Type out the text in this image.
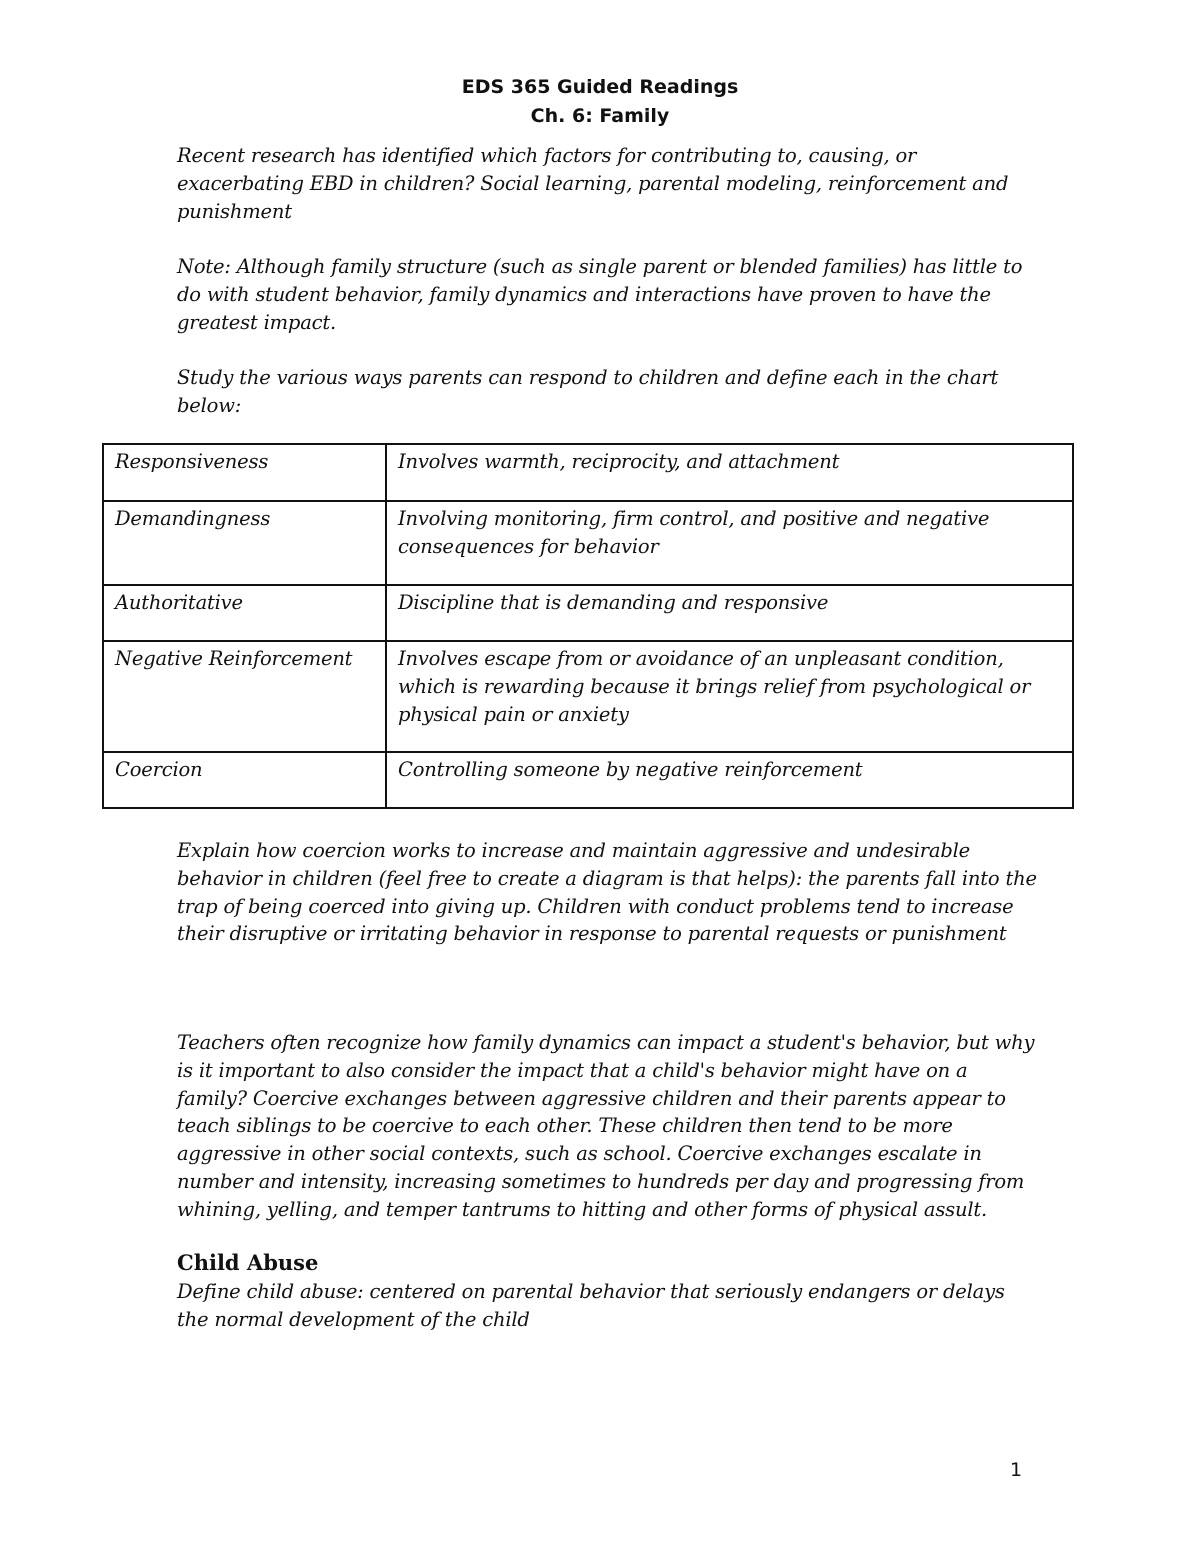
EDS 365 Guided Readings
Ch. 6: Family

Recent research has identified which factors for contributing to, causing, or exacerbating EBD in children? Social learning, parental modeling, reinforcement and punishment

Note: Although family structure (such as single parent or blended families) has little to do with student behavior, family dynamics and interactions have proven to have the greatest impact.

Study the various ways parents can respond to children and define each in the chart below:

Responsiveness	Involves warmth, reciprocity, and attachment
Demandingness	Involving monitoring, firm control, and positive and negative consequences for behavior
Authoritative	Discipline that is demanding and responsive
Negative Reinforcement	Involves escape from or avoidance of an unpleasant condition, which is rewarding because it brings relief from psychological or physical pain or anxiety
Coercion	Controlling someone by negative reinforcement

Explain how coercion works to increase and maintain aggressive and undesirable behavior in children (feel free to create a diagram is that helps): the parents fall into the trap of being coerced into giving up. Children with conduct problems tend to increase their disruptive or irritating behavior in response to parental requests or punishment

Teachers often recognize how family dynamics can impact a student's behavior, but why is it important to also consider the impact that a child's behavior might have on a family? Coercive exchanges between aggressive children and their parents appear to teach siblings to be coercive to each other. These children then tend to be more aggressive in other social contexts, such as school. Coercive exchanges escalate in number and intensity, increasing sometimes to hundreds per day and progressing from whining, yelling, and temper tantrums to hitting and other forms of physical assult.

Child Abuse

Define child abuse: centered on parental behavior that seriously endangers or delays the normal development of the child

1
